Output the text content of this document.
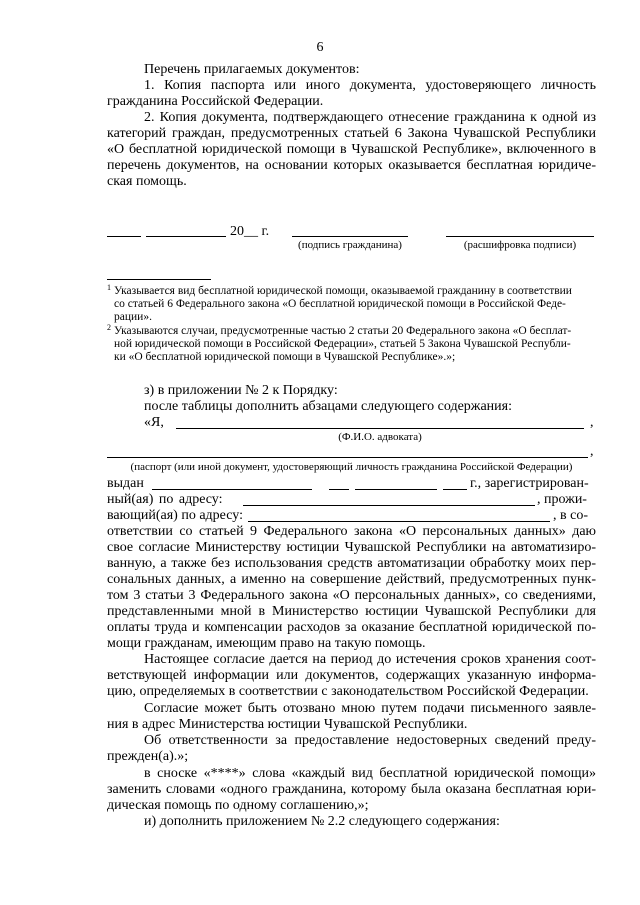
6
Перечень прилагаемых документов:
1. Копия паспорта или иного документа, удостоверяющего личность
гражданина Российской Федерации.
2. Копия документа, подтверждающего отнесение гражданина к одной из
категорий граждан, предусмотренных статьей 6 Закона Чувашской Республики
«О бесплатной юридической помощи в Чувашской Республике», включенного в
перечень документов, на основании которых оказывается бесплатная юридиче-
ская помощь.
20__ г.
(подпись гражданина)	(расшифровка подписи)
1 Указывается вид бесплатной юридической помощи, оказываемой гражданину в соответствии
со статьей 6 Федерального закона «О бесплатной юридической помощи в Российской Феде-
рации».
2 Указываются случаи, предусмотренные частью 2 статьи 20 Федерального закона «О бесплат-
ной юридической помощи в Российской Федерации», статьей 5 Закона Чувашской Республи-
ки «О бесплатной юридической помощи в Чувашской Республике».»;
з) в приложении № 2 к Порядку:
после таблицы дополнить абзацами следующего содержания:
«Я,	,
(Ф.И.О. адвоката)
,
(паспорт (или иной документ, удостоверяющий личность гражданина Российской Федерации)
выдан	г., зарегистрирован-
ный(ая) по адресу:	, прожи-
вающий(ая) по адресу:	, в со-
ответствии со статьей 9 Федерального закона «О персональных данных» даю
свое согласие Министерству юстиции Чувашской Республики на автоматизиро-
ванную, а также без использования средств автоматизации обработку моих пер-
сональных данных, а именно на совершение действий, предусмотренных пунк-
том 3 статьи 3 Федерального закона «О персональных данных», со сведениями,
представленными мной в Министерство юстиции Чувашской Республики для
оплаты труда и компенсации расходов за оказание бесплатной юридической по-
мощи гражданам, имеющим право на такую помощь.
Настоящее согласие дается на период до истечения сроков хранения соот-
ветствующей информации или документов, содержащих указанную информа-
цию, определяемых в соответствии с законодательством Российской Федерации.
Согласие может быть отозвано мною путем подачи письменного заявле-
ния в адрес Министерства юстиции Чувашской Республики.
Об ответственности за предоставление недостоверных сведений преду-
прежден(а).»;
в сноске «****» слова «каждый вид бесплатной юридической помощи»
заменить словами «одного гражданина, которому была оказана бесплатная юри-
дическая помощь по одному соглашению,»;
и) дополнить приложением № 2.2 следующего содержания:
